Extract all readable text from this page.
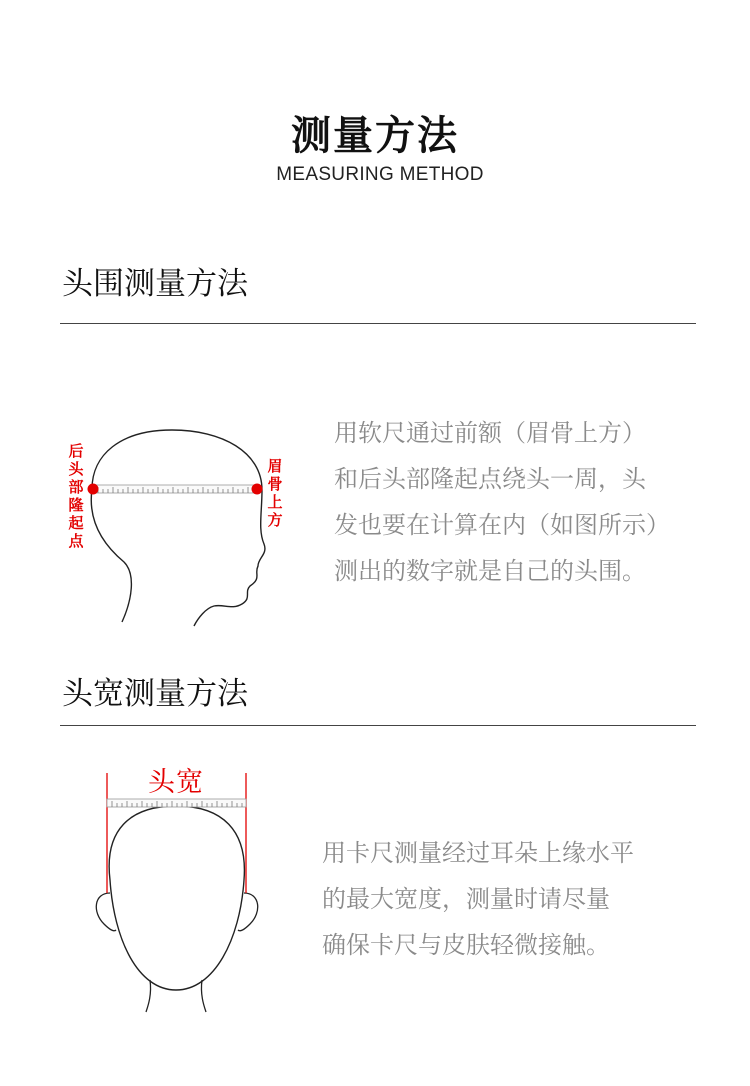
测量方法
MEASURING METHOD
头围测量方法
后
头
部
隆
起
点
眉
骨
上
方
用软尺通过前额（眉骨上方）
和后头部隆起点绕头一周，头
发也要在计算在内（如图所示）
测出的数字就是自己的头围。
头宽测量方法
头宽
用卡尺测量经过耳朵上缘水平
的最大宽度，测量时请尽量
确保卡尺与皮肤轻微接触。
